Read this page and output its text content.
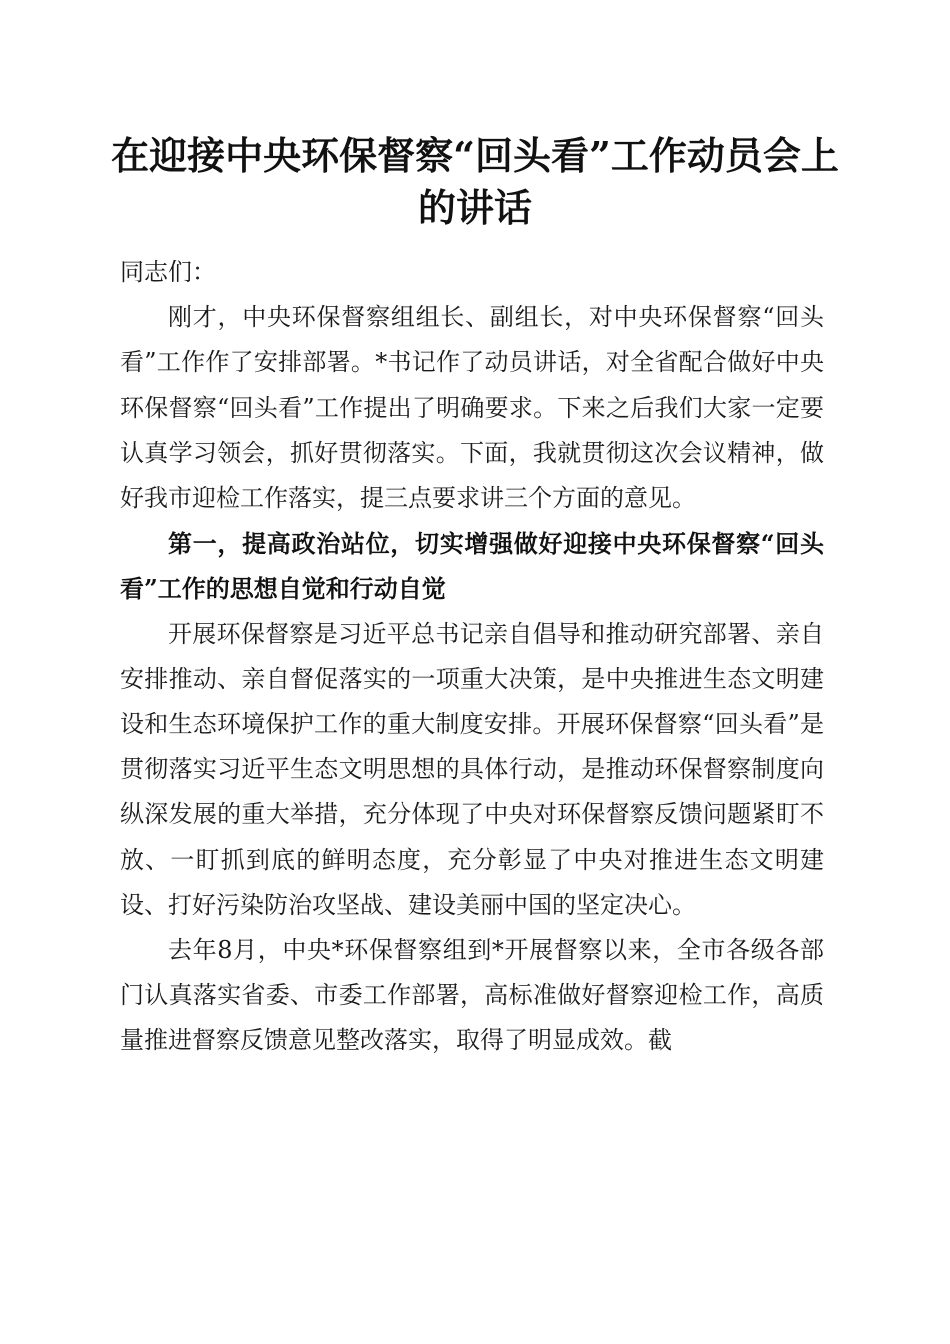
在迎接中央环保督察“回头看”工作动员会上的讲话

同志们：

刚才，中央环保督察组组长、副组长，对中央环保督察“回头看”工作作了安排部署。*书记作了动员讲话，对全省配合做好中央环保督察“回头看”工作提出了明确要求。下来之后我们大家一定要认真学习领会，抓好贯彻落实。下面，我就贯彻这次会议精神，做好我市迎检工作落实，提三点要求讲三个方面的意见。

第一，提高政治站位，切实增强做好迎接中央环保督察“回头看”工作的思想自觉和行动自觉

开展环保督察是习近平总书记亲自倡导和推动研究部署、亲自安排推动、亲自督促落实的一项重大决策，是中央推进生态文明建设和生态环境保护工作的重大制度安排。开展环保督察“回头看”是贯彻落实习近平生态文明思想的具体行动，是推动环保督察制度向纵深发展的重大举措，充分体现了中央对环保督察反馈问题紧盯不放、一盯抓到底的鲜明态度，充分彰显了中央对推进生态文明建设、打好污染防治攻坚战、建设美丽中国的坚定决心。

去年8月，中央*环保督察组到*开展督察以来，全市各级各部门认真落实省委、市委工作部署，高标准做好督察迎检工作，高质量推进督察反馈意见整改落实，取得了明显成效。截
